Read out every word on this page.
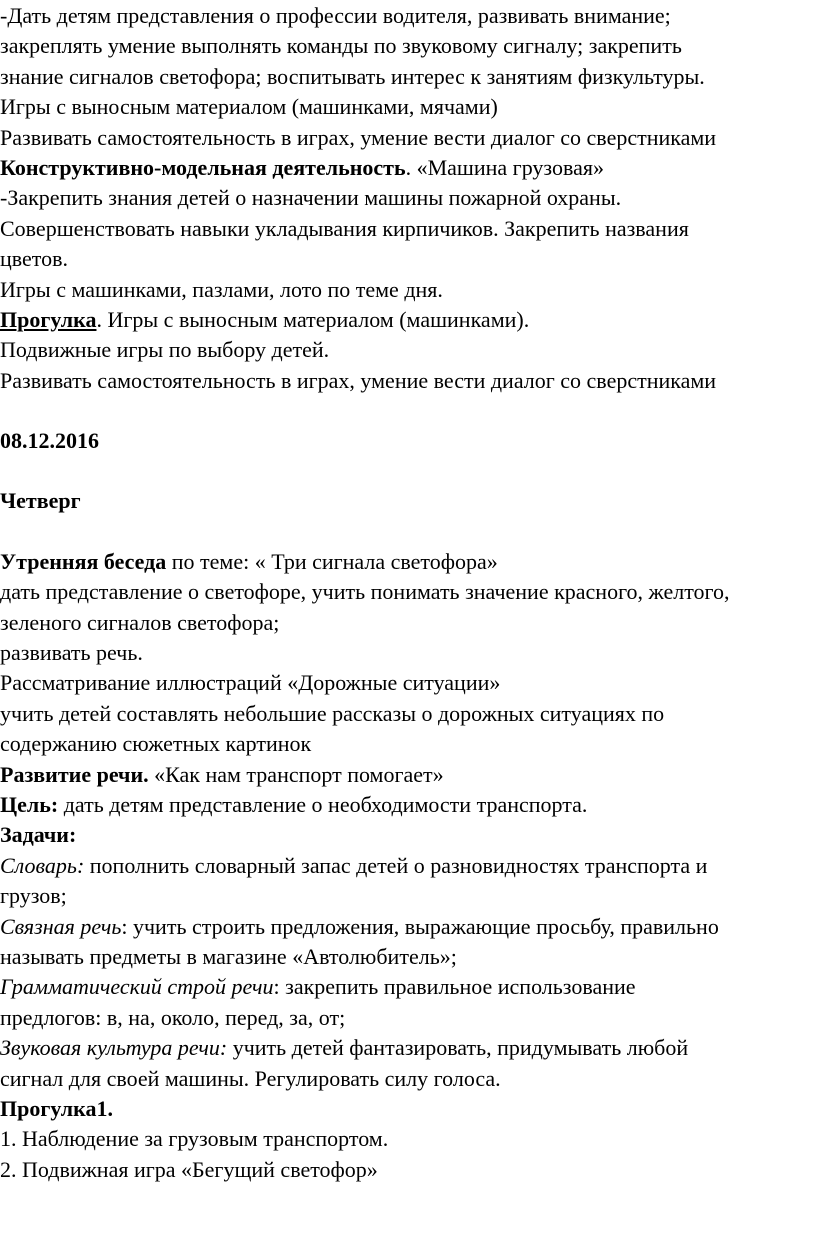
-Дать детям представления о профессии водителя, развивать внимание;
закреплять умение выполнять команды по звуковому сигналу; закрепить
знание сигналов светофора; воспитывать интерес к занятиям физкультуры.
Игры с выносным материалом (машинками, мячами)
Развивать самостоятельность в играх, умение вести диалог со сверстниками
Конструктивно-модельная деятельность. «Машина грузовая»
-Закрепить знания детей о назначении машины пожарной охраны.
Совершенствовать навыки укладывания кирпичиков. Закрепить названия
цветов.
Игры с машинками, пазлами, лото по теме дня.
Прогулка. Игры с выносным материалом (машинками).
Подвижные игры по выбору детей.
Развивать самостоятельность в играх, умение вести диалог со сверстниками
08.12.2016
Четверг
Утренняя беседа по теме: « Три сигнала светофора»
дать представление о светофоре, учить понимать значение красного, желтого,
зеленого сигналов светофора;
развивать речь.
Рассматривание иллюстраций «Дорожные ситуации»
учить детей составлять небольшие рассказы о дорожных ситуациях по
содержанию сюжетных картинок
Развитие речи. «Как нам транспорт помогает»
Цель: дать детям представление о необходимости транспорта.
Задачи:
Словарь: пополнить словарный запас детей о разновидностях транспорта и
грузов;
Связная речь: учить строить предложения, выражающие просьбу, правильно
называть предметы в магазине «Автолюбитель»;
Грамматический строй речи: закрепить правильное использование
предлогов: в, на, около, перед, за, от;
Звуковая культура речи: учить детей фантазировать, придумывать любой
сигнал для своей машины. Регулировать силу голоса.
Прогулка1.
1. Наблюдение за грузовым транспортом.
2. Подвижная игра «Бегущий светофор»
